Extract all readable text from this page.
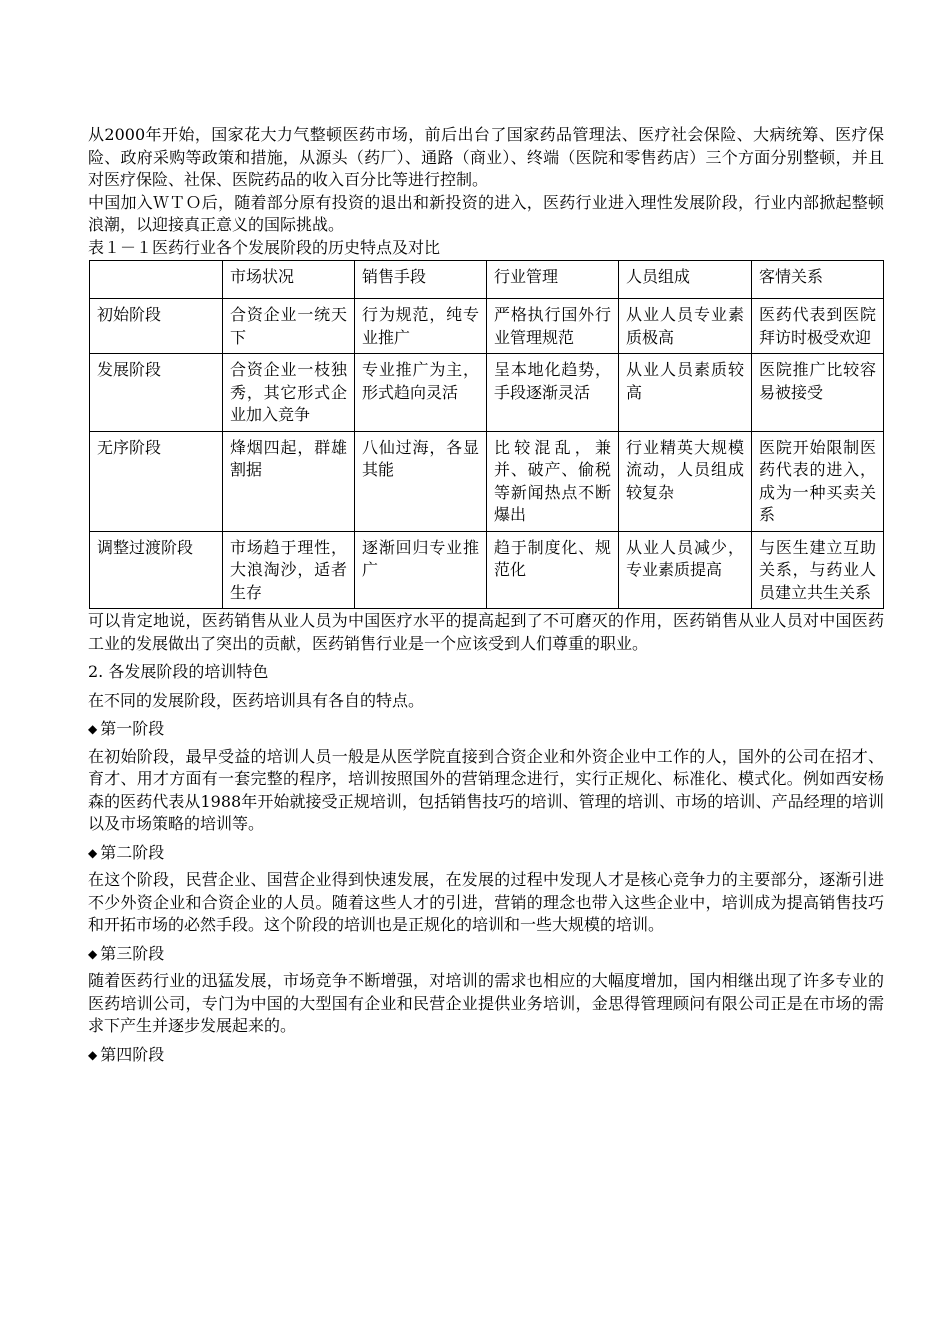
从2000年开始，国家花大力气整顿医药市场，前后出台了国家药品管理法、医疗社会保险、大病统筹、医疗保险、政府采购等政策和措施，从源头（药厂）、通路（商业）、终端（医院和零售药店）三个方面分别整顿，并且对医疗保险、社保、医院药品的收入百分比等进行控制。

中国加入ＷＴＯ后，随着部分原有投资的退出和新投资的进入，医药行业进入理性发展阶段，行业内部掀起整顿浪潮，以迎接真正意义的国际挑战。

表１－１医药行业各个发展阶段的历史特点及对比

	市场状况	销售手段	行业管理	人员组成	客情关系
初始阶段	合资企业一统天下	行为规范，纯专业推广	严格执行国外行业管理规范	从业人员专业素质极高	医药代表到医院拜访时极受欢迎
发展阶段	合资企业一枝独秀，其它形式企业加入竞争	专业推广为主，形式趋向灵活	呈本地化趋势，手段逐渐灵活	从业人员素质较高	医院推广比较容易被接受
无序阶段	烽烟四起，群雄割据	八仙过海，各显其能	比较混乱，兼并、破产、偷税等新闻热点不断爆出	行业精英大规模流动，人员组成较复杂	医院开始限制医药代表的进入，成为一种买卖关系
调整过渡阶段	市场趋于理性，大浪淘沙，适者生存	逐渐回归专业推广	趋于制度化、规范化	从业人员减少，专业素质提高	与医生建立互助关系，与药业人员建立共生关系

可以肯定地说，医药销售从业人员为中国医疗水平的提高起到了不可磨灭的作用，医药销售从业人员对中国医药工业的发展做出了突出的贡献，医药销售行业是一个应该受到人们尊重的职业。

2. 各发展阶段的培训特色

在不同的发展阶段，医药培训具有各自的特点。

◆ 第一阶段

在初始阶段，最早受益的培训人员一般是从医学院直接到合资企业和外资企业中工作的人，国外的公司在招才、育才、用才方面有一套完整的程序，培训按照国外的营销理念进行，实行正规化、标准化、模式化。例如西安杨森的医药代表从1988年开始就接受正规培训，包括销售技巧的培训、管理的培训、市场的培训、产品经理的培训以及市场策略的培训等。

◆ 第二阶段

在这个阶段，民营企业、国营企业得到快速发展，在发展的过程中发现人才是核心竞争力的主要部分，逐渐引进不少外资企业和合资企业的人员。随着这些人才的引进，营销的理念也带入这些企业中，培训成为提高销售技巧和开拓市场的必然手段。这个阶段的培训也是正规化的培训和一些大规模的培训。

◆ 第三阶段

随着医药行业的迅猛发展，市场竞争不断增强，对培训的需求也相应的大幅度增加，国内相继出现了许多专业的医药培训公司，专门为中国的大型国有企业和民营企业提供业务培训，金思得管理顾问有限公司正是在市场的需求下产生并逐步发展起来的。

◆ 第四阶段
